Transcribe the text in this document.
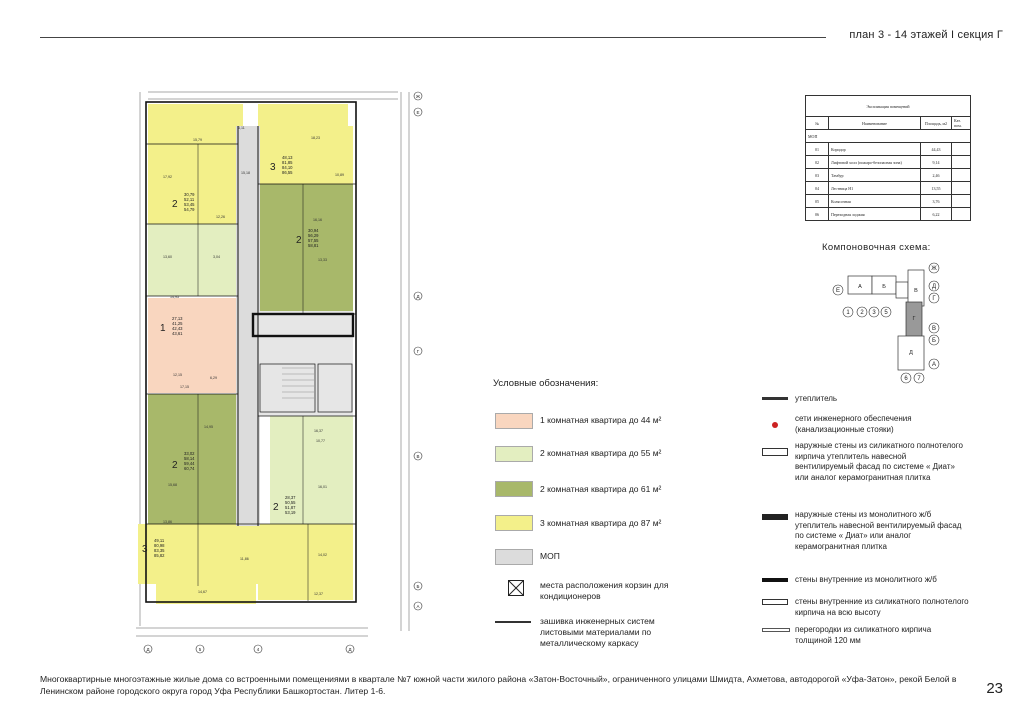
план 3 - 14 этажей I секция Г
Ж
Е
Д
Г
В
Б
А
Д	5	4	Д
3
48,13
81,85
84,10
86,55
2
30,79
52,11
53,45
54,79
2
30,94
56,29
57,55
58,81
1
27,13
41,25
42,43
43,61
2
33,02
58,14
59,44
60,74
2
28,37
50,55
51,87
53,19
3
49,11
80,98
83,35
85,82
15,79
6,11
18,23
15,18	10,89
17,92
12,26
16,16
13,60
13,33
3,04
14,95
12,15
17,15
6,29
14,95
16,37
10,77
15,68	16,01
13,86
11,86
14,02
14,67	12,37
Экспликация помещений			
№	Наименование	Площадь, м2	Кат. пом.
МОП			
01	Коридор	44,43	
02	Лифтовой холл (пожаро-безопасная зона)	9,14	
03	Тамбур	2,46	
04	Лестница Н1	13,55	
05	Колясочная	3,76	
06	Переходная лоджия	6,22	
Компоновочная схема:
А	Б
В
Г
Д
Ж
Е
Д
Г
В
Б
А
1 2 3 5
6 7
Условные обозначения:
1 комнатная квартира до 44 м²
2 комнатная квартира до 55 м²
2 комнатная квартира до 61 м²
3 комнатная квартира до 87 м²
МОП
места расположения корзин для кондиционеров
зашивка инженерных систем листовыми материалами по металлическому каркасу
утеплитель
сети инженерного обеспечения (канализационные стояки)
наружные стены из силикатного полнотелого кирпича утеплитель навесной вентилируемый фасад по системе « Диат» или аналог керамогранитная плитка
наружные стены из монолитного ж/б утеплитель навесной вентилируемый фасад по системе « Диат» или аналог керамогранитная плитка
стены внутренние из монолитного ж/б
стены внутренние из силикатного полнотелого кирпича на всю высоту
перегородки из силикатного кирпича толщиной 120 мм
Многоквартирные многоэтажные жилые дома со встроенными помещениями в квартале №7 южной части жилого района «Затон-Восточный», ограниченного улицами Шмидта, Ахметова, автодорогой «Уфа-Затон», рекой Белой в Ленинском районе городского округа город Уфа Республики Башкортостан. Литер 1-6.	23
